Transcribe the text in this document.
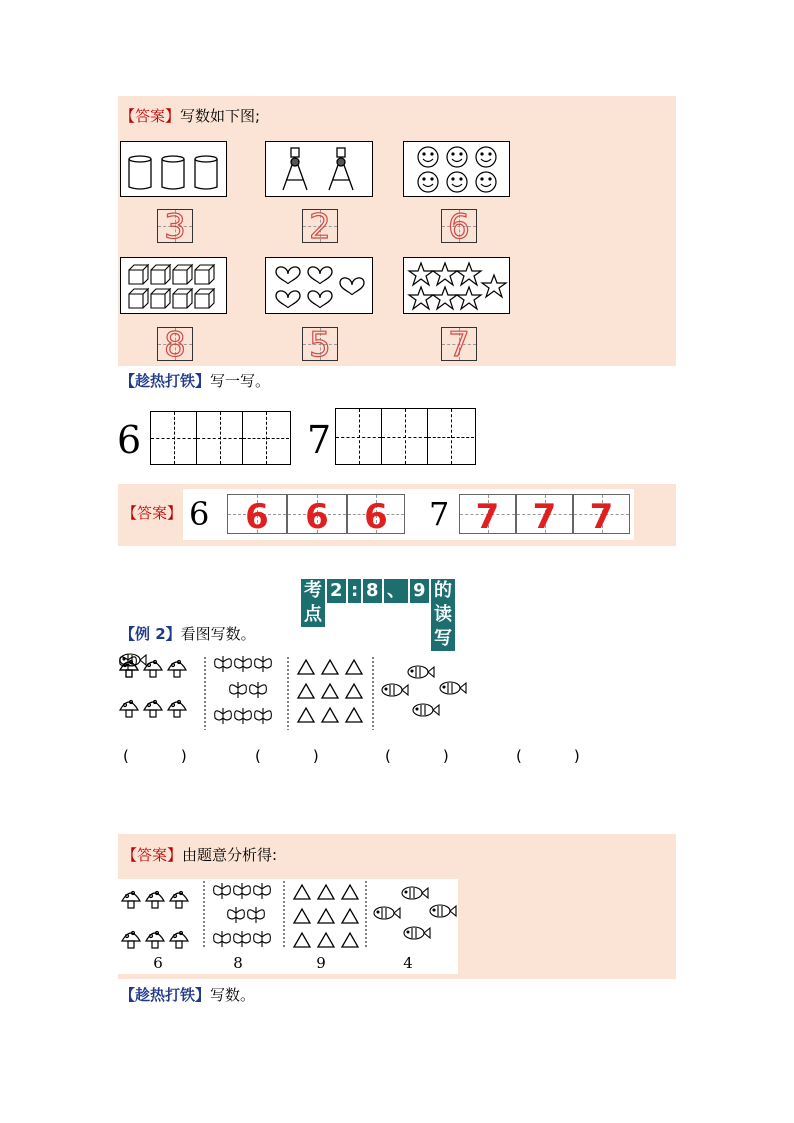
【答案】写数如下图;
3	2	6
8	5	7
【趁热打铁】写一写。
6	7
【答案】 6	6	6	6	7 7 7 7
考点
2 : 8 、 9 的读写
【例 2】看图写数。
(	)	(	)	(	)	(	)
【答案】由题意分析得:
6	8	9	4
【趁热打铁】写数。
